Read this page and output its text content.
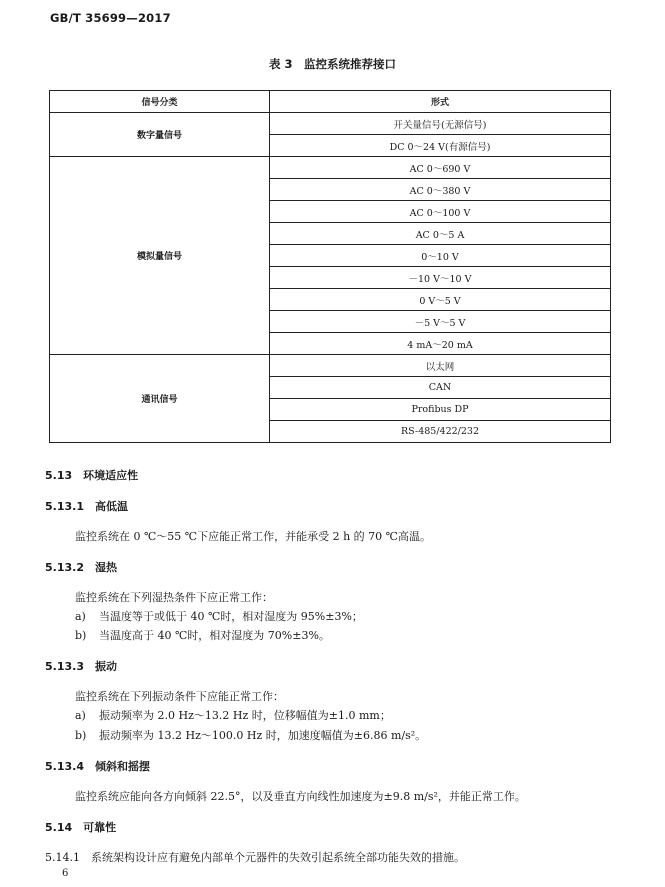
GB/T 35699—2017
表 3　监控系统推荐接口
信号分类	形式
数字量信号	开关量信号(无源信号)
	DC 0～24 V(有源信号)
模拟量信号	AC 0～690 V
	AC 0～380 V
	AC 0～100 V
	AC 0～5 A
	0～10 V
	－10 V～10 V
	0 V～5 V
	－5 V～5 V
	4 mA～20 mA
通讯信号	以太网
	CAN
	Profibus DP
	RS-485/422/232
5.13　环境适应性
5.13.1　高低温
监控系统在 0 ℃～55 ℃下应能正常工作，并能承受 2 h 的 70 ℃高温。
5.13.2　湿热
监控系统在下列湿热条件下应正常工作：
a) 当温度等于或低于 40 ℃时，相对湿度为 95%±3%；
b) 当温度高于 40 ℃时，相对湿度为 70%±3%。
5.13.3　振动
监控系统在下列振动条件下应能正常工作：
a) 振动频率为 2.0 Hz～13.2 Hz 时，位移幅值为±1.0 mm；
b) 振动频率为 13.2 Hz～100.0 Hz 时，加速度幅值为±6.86 m/s²。
5.13.4　倾斜和摇摆
监控系统应能向各方向倾斜 22.5°，以及垂直方向线性加速度为±9.8 m/s²，并能正常工作。
5.14　可靠性
5.14.1　系统架构设计应有避免内部单个元器件的失效引起系统全部功能失效的措施。
6
